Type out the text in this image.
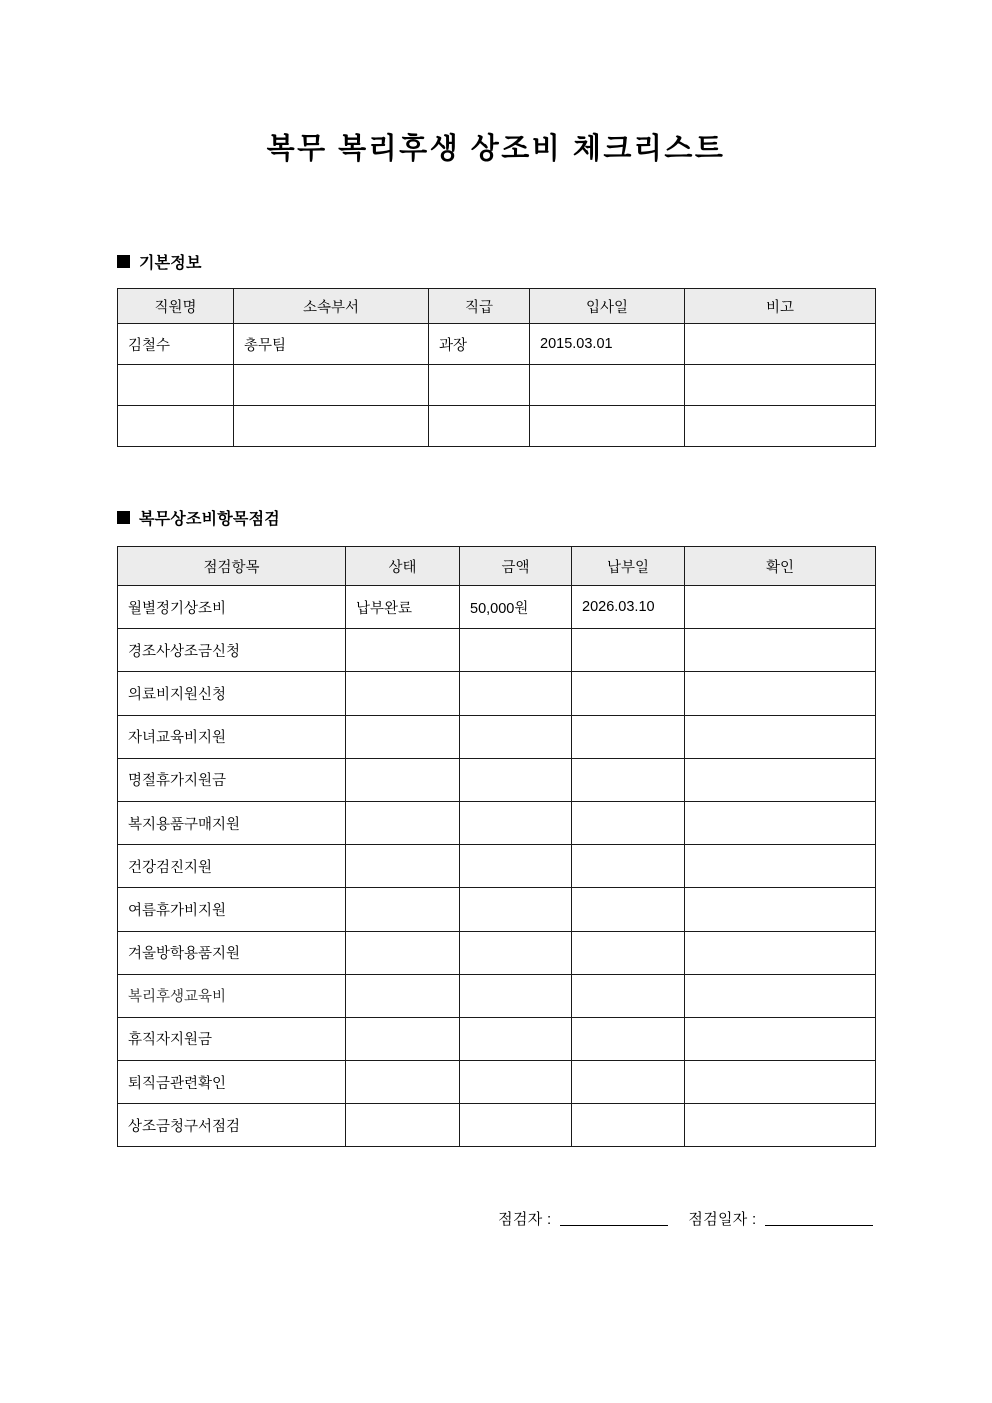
복무 복리후생 상조비 체크리스트
기본정보
직원명	소속부서	직급	입사일	비고
김철수	총무팀	과장	2015.03.01	

복무상조비항목점검
점검항목	상태	금액	납부일	확인
월별정기상조비	납부완료	50,000원	2026.03.10	
경조사상조금신청				
의료비지원신청				
자녀교육비지원				
명절휴가지원금				
복지용품구매지원				
건강검진지원				
여름휴가비지원				
겨울방학용품지원				
복리후생교육비				
휴직자지원금				
퇴직금관련확인				
상조금청구서점검				
점검자 :	점검일자 :
